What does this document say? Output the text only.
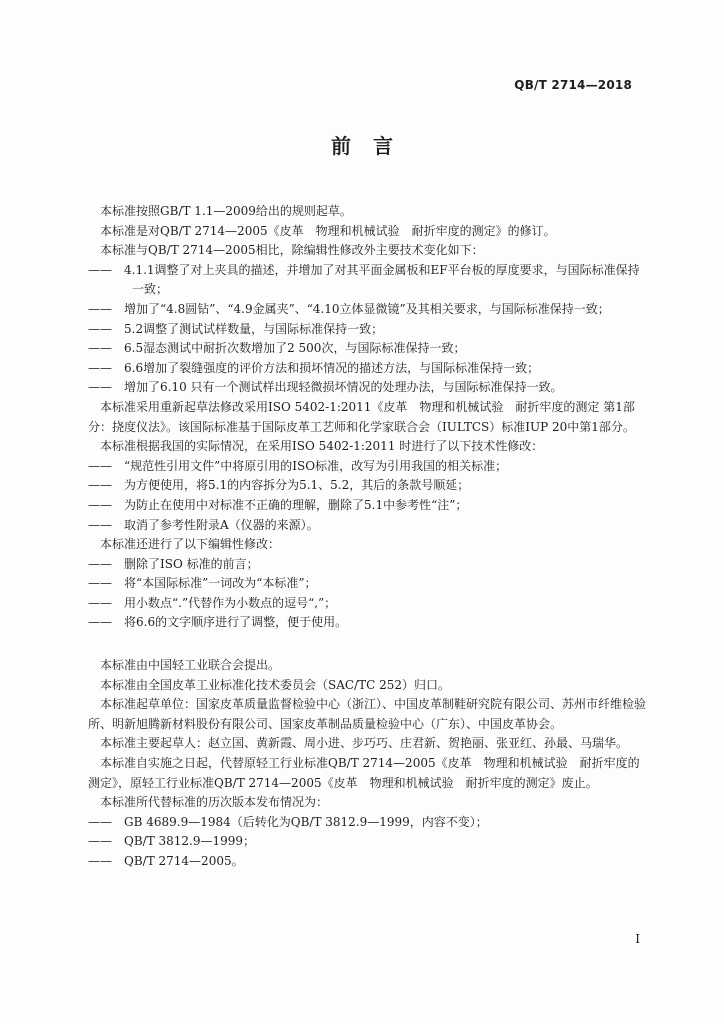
QB/T 2714—2018
前言

本标准按照GB/T 1.1—2009给出的规则起草。

本标准是对QB/T 2714—2005《皮革　物理和机械试验　耐折牢度的测定》的修订。

本标准与QB/T 2714—2005相比，除编辑性修改外主要技术变化如下：

—— 4.1.1调整了对上夹具的描述，并增加了对其平面金属板和EF平台板的厚度要求，与国际标准保持一致；

—— 增加了“4.8圆钻”、“4.9金属夹”、“4.10立体显微镜”及其相关要求，与国际标准保持一致；

—— 5.2调整了测试试样数量，与国际标准保持一致；

—— 6.5湿态测试中耐折次数增加了2 500次，与国际标准保持一致；

—— 6.6增加了裂缝强度的评价方法和损坏情况的描述方法，与国际标准保持一致；

—— 增加了6.10 只有一个测试样出现轻微损坏情况的处理办法，与国际标准保持一致。

本标准采用重新起草法修改采用ISO 5402-1:2011《皮革　物理和机械试验　耐折牢度的测定 第1部分：挠度仪法》。该国际标准基于国际皮革工艺师和化学家联合会（IULTCS）标准IUP 20中第1部分。

本标准根据我国的实际情况，在采用ISO 5402-1:2011 时进行了以下技术性修改：

—— “规范性引用文件”中将原引用的ISO标准，改写为引用我国的相关标准；

—— 为方便使用，将5.1的内容拆分为5.1、5.2，其后的条款号顺延；

—— 为防止在使用中对标准不正确的理解，删除了5.1中参考性“注”；

—— 取消了参考性附录A（仪器的来源）。

本标准还进行了以下编辑性修改：

—— 删除了ISO 标准的前言；

—— 将“本国际标准”一词改为“本标准”；

—— 用小数点“.”代替作为小数点的逗号“,”；

—— 将6.6的文字顺序进行了调整，便于使用。

本标准由中国轻工业联合会提出。

本标准由全国皮革工业标准化技术委员会（SAC/TC 252）归口。

本标准起草单位：国家皮革质量监督检验中心（浙江）、中国皮革制鞋研究院有限公司、苏州市纤维检验所、明新旭腾新材料股份有限公司、国家皮革制品质量检验中心（广东）、中国皮革协会。

本标准主要起草人：赵立国、黄新霞、周小进、步巧巧、庄君新、贺艳丽、张亚红、孙最、马瑞华。

本标准自实施之日起，代替原轻工行业标准QB/T 2714—2005《皮革　物理和机械试验　耐折牢度的测定》，原轻工行业标准QB/T 2714—2005《皮革　物理和机械试验　耐折牢度的测定》废止。

本标准所代替标准的历次版本发布情况为：

—— GB 4689.9—1984（后转化为QB/T 3812.9—1999，内容不变）；

—— QB/T 3812.9—1999；

—— QB/T 2714—2005。

I
